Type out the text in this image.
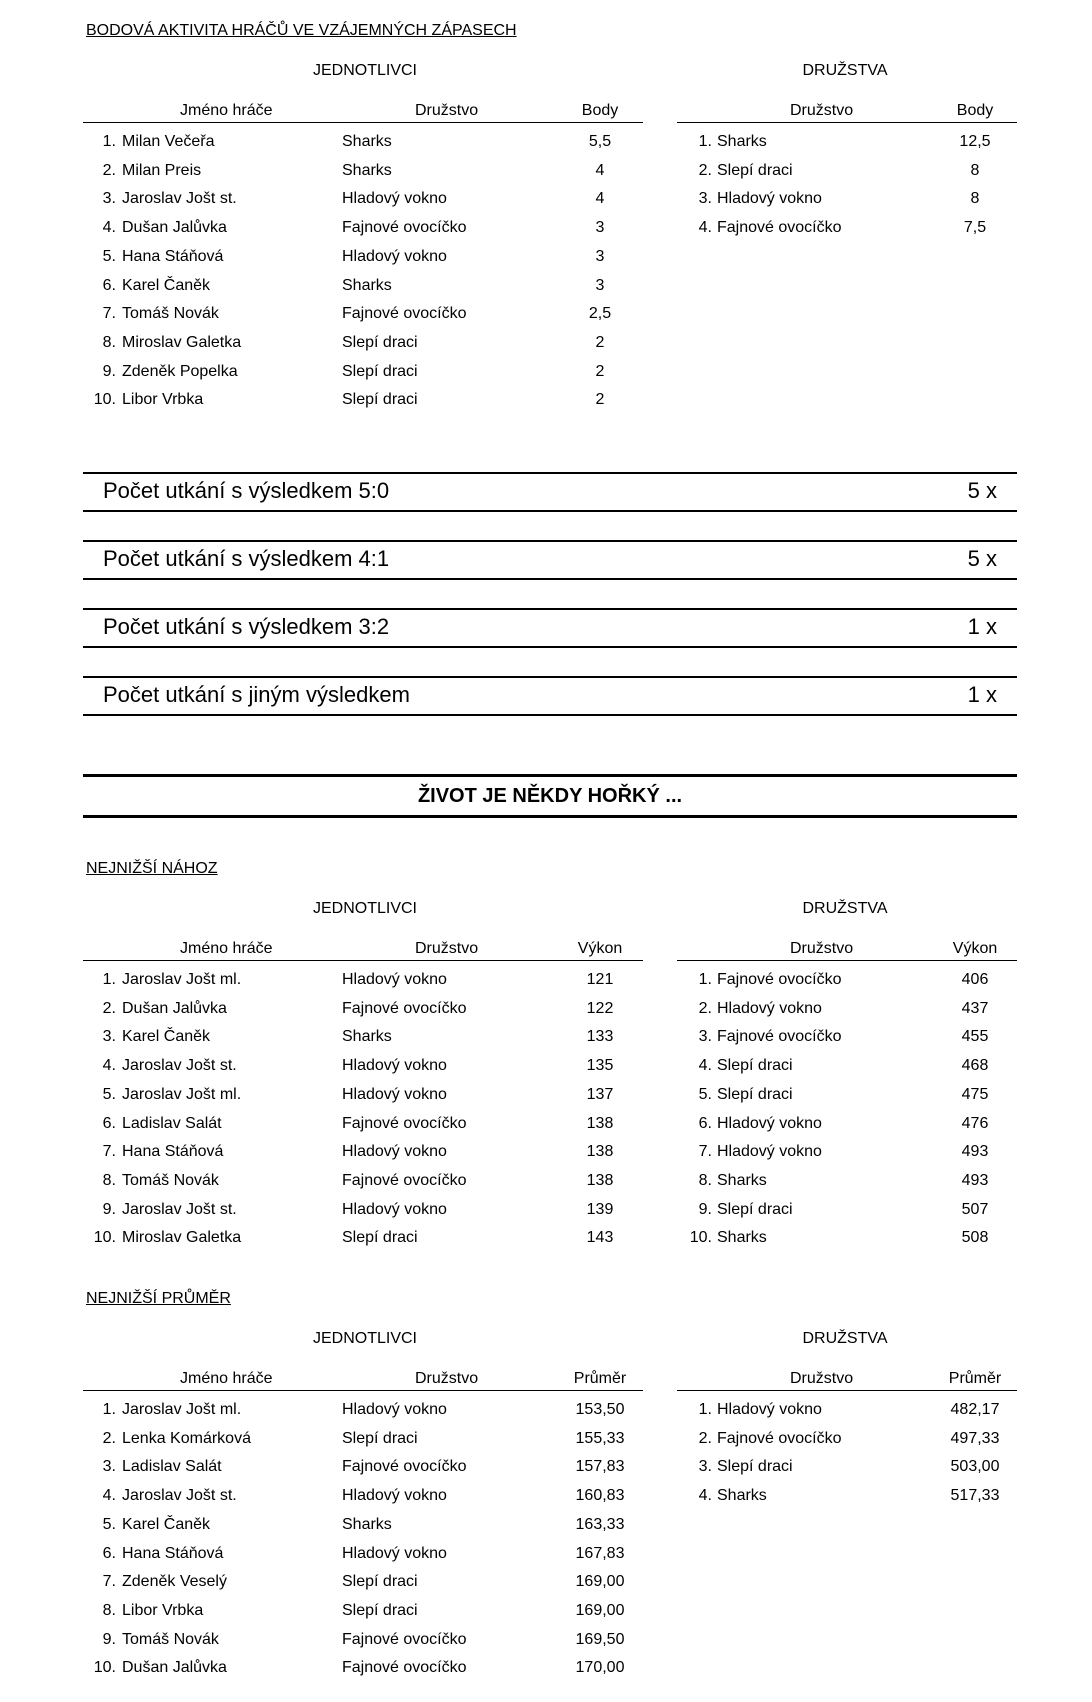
BODOVÁ AKTIVITA HRÁČŮ VE VZÁJEMNÝCH ZÁPASECH
JEDNOTLIVCI	DRUŽSTVA
Jméno hráče	Družstvo	Body	Družstvo	Body
1. Milan Večeřa	Sharks	5,5
2. Milan Preis	Sharks	4
3. Jaroslav Jošt st.	Hladový vokno	4
4. Dušan Jalůvka	Fajnové ovocíčko	3
5. Hana Stáňová	Hladový vokno	3
6. Karel Čaněk	Sharks	3
7. Tomáš Novák	Fajnové ovocíčko	2,5
8. Miroslav Galetka	Slepí draci	2
9. Zdeněk Popelka	Slepí draci	2
10. Libor Vrbka	Slepí draci	2
1. Sharks	12,5
2. Slepí draci	8
3. Hladový vokno	8
4. Fajnové ovocíčko	7,5
Počet utkání s výsledkem 5:0	5 x
Počet utkání s výsledkem 4:1	5 x
Počet utkání s výsledkem 3:2	1 x
Počet utkání s jiným výsledkem	1 x
ŽIVOT JE NĚKDY HOŘKÝ ...
NEJNIŽŠÍ NÁHOZ
JEDNOTLIVCI	DRUŽSTVA
Jméno hráče	Družstvo	Výkon	Družstvo	Výkon
1. Jaroslav Jošt ml.	Hladový vokno	121
2. Dušan Jalůvka	Fajnové ovocíčko	122
3. Karel Čaněk	Sharks	133
4. Jaroslav Jošt st.	Hladový vokno	135
5. Jaroslav Jošt ml.	Hladový vokno	137
6. Ladislav Salát	Fajnové ovocíčko	138
7. Hana Stáňová	Hladový vokno	138
8. Tomáš Novák	Fajnové ovocíčko	138
9. Jaroslav Jošt st.	Hladový vokno	139
10. Miroslav Galetka	Slepí draci	143
1. Fajnové ovocíčko	406
2. Hladový vokno	437
3. Fajnové ovocíčko	455
4. Slepí draci	468
5. Slepí draci	475
6. Hladový vokno	476
7. Hladový vokno	493
8. Sharks	493
9. Slepí draci	507
10. Sharks	508
NEJNIŽŠÍ PRŮMĚR
JEDNOTLIVCI	DRUŽSTVA
Jméno hráče	Družstvo	Průměr	Družstvo	Průměr
1. Jaroslav Jošt ml.	Hladový vokno	153,50
2. Lenka Komárková	Slepí draci	155,33
3. Ladislav Salát	Fajnové ovocíčko	157,83
4. Jaroslav Jošt st.	Hladový vokno	160,83
5. Karel Čaněk	Sharks	163,33
6. Hana Stáňová	Hladový vokno	167,83
7. Zdeněk Veselý	Slepí draci	169,00
8. Libor Vrbka	Slepí draci	169,00
9. Tomáš Novák	Fajnové ovocíčko	169,50
10. Dušan Jalůvka	Fajnové ovocíčko	170,00
1. Hladový vokno	482,17
2. Fajnové ovocíčko	497,33
3. Slepí draci	503,00
4. Sharks	517,33
